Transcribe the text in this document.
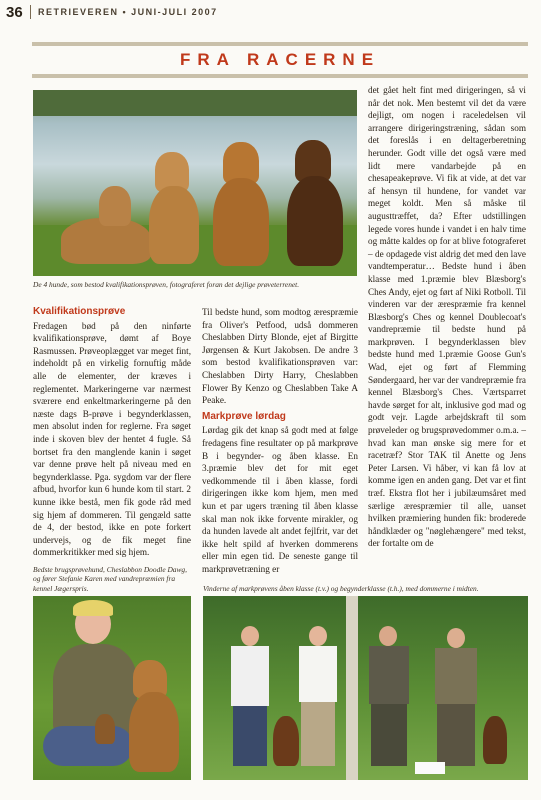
36 RETRIEVEREN • JUNI-JULI 2007
FRA RACERNE
De 4 hunde, som bestod kvalifikationsprøven, fotograferet foran det dejlige prøveterrenet.
Kvalifikationsprøve

Fredagen bød på den ninførte kvalifikationsprøve, dømt af Boye Rasmussen. Prøveoplægget var meget fint, indeholdt på en virkelig fornuftig måde alle de elementer, der kræves i reglementet. Markeringerne var nærmest sværere end enkeltmarkeringerne på den næste dags B-prøve i begynderklassen, men absolut inden for reglerne. Fra søget inde i skoven blev der hentet 4 fugle. Så bortset fra den manglende kanin i søget var denne prøve helt på niveau med en begynderklasse. Pga. sygdom var der flere afbud, hvorfor kun 6 hunde kom til start. 2 kunne ikke bestå, men fik gode råd med sig hjem af dommeren. Til gengæld satte de 4, der bestod, ikke en pote forkert undervejs, og de fik meget fine dommerkritikker med sig hjem.

Til bedste hund, som modtog ærespræmie fra Oliver's Petfood, udså dommeren Cheslabben Dirty Blonde, ejet af Birgitte Jørgensen & Kurt Jakobsen. De andre 3 som bestod kvalifikationsprøven var: Cheslabben Dirty Harry, Cheslabben Flower By Kenzo og Cheslabben Take A Peake.

Markprøve lørdag

Lørdag gik det knap så godt med at følge fredagens fine resultater op på markprøve B i begynder- og åben klasse. En 3.præmie blev det for mit eget vedkommende til i åben klasse, fordi dirigeringen ikke kom hjem, men med kun et par ugers træning til åben klasse skal man nok ikke forvente mirakler, og da hunden lavede alt andet fejlfrit, var det ikke helt spild af hverken dommerens eller min egen tid. De seneste gange til markprøvetræning er

det gået helt fint med dirigeringen, så vi når det nok. Men bestemt vil det da være dejligt, om nogen i raceledelsen vil arrangere dirigeringstræning, sådan som det foreslås i en deltagerberetning herunder. Godt ville det også være med lidt mere vandarbejde på en chesapeakeprøve. Vi fik at vide, at det var af hensyn til hundene, for vandet var meget koldt. Men så måske til augusttræffet, da? Efter udstillingen legede vores hunde i vandet i en halv time og måtte kaldes op for at blive fotograferet – de opdagede vist aldrig det med den lave vandtemperatur… Bedste hund i åben klasse med 1.præmie blev Blæsborg's Ches Andy, ejet og ført af Niki Rotboll. Til vinderen var der ærespræmie fra kennel Blæsborg's Ches og kennel Doublecoat's vandrepræmie til bedste hund på markprøven. I begynderklassen blev bedste hund med 1.præmie Goose Gun's Wad, ejet og ført af Flemming Søndergaard, her var der vandrepræmie fra kennel Blæsborg's Ches. Værtsparret havde sørget for alt, inklusive god mad og godt vejr. Lagde arbejdskraft til som prøveleder og brugsprøvedommer o.m.a. – hvad kan man ønske sig mere for et racetræf? Stor TAK til Anette og Jens Peter Larsen. Vi håber, vi kan få lov at komme igen en anden gang. Det var et fint træf. Ekstra flot her i jubilæumsåret med særlige ærespræmier til alle, uanset hvilken præmiering hunden fik: broderede håndklæder og "nøglehængere" med tekst, der fortalte om de

Bedste brugsprøvehund, Cheslabbon Doodle Dawg, og fører Stefanie Karen med vandrepræmien fra kennel Jægerspris.	Vinderne af markprøvens åben klasse (t.v.) og begynderklasse (t.h.), med dommerne i midten.
